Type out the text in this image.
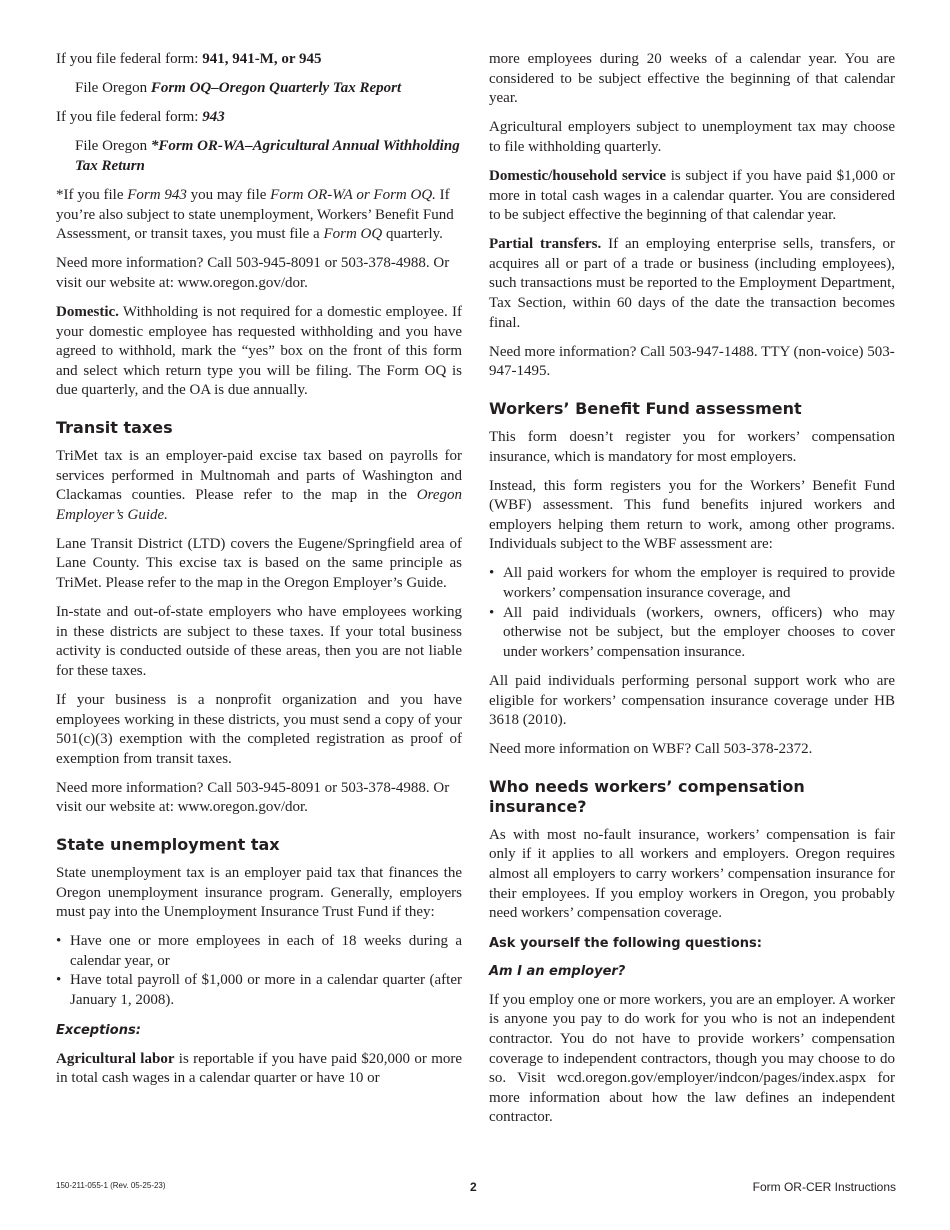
If you file federal form: 941, 941-M, or 945

File Oregon Form OQ–Oregon Quarterly Tax Report

If you file federal form: 943

File Oregon *Form OR-WA–Agricultural Annual Withholding Tax Return

*If you file Form 943 you may file Form OR-WA or Form OQ. If you’re also subject to state unemployment, Workers’ Benefit Fund Assessment, or transit taxes, you must file a Form OQ quarterly.

Need more information? Call 503-945-8091 or 503-378-4988. Or visit our website at: www.oregon.gov/dor.

Domestic. Withholding is not required for a domestic employee. If your domestic employee has requested withholding and you have agreed to withhold, mark the “yes” box on the front of this form and select which return type you will be filing. The Form OQ is due quarterly, and the OA is due annually.

Transit taxes

TriMet tax is an employer-paid excise tax based on payrolls for services performed in Multnomah and parts of Washington and Clackamas counties. Please refer to the map in the Oregon Employer’s Guide.

Lane Transit District (LTD) covers the Eugene/Springfield area of Lane County. This excise tax is based on the same principle as TriMet. Please refer to the map in the Oregon Employer’s Guide.

In-state and out-of-state employers who have employees working in these districts are subject to these taxes. If your total business activity is conducted outside of these areas, then you are not liable for these taxes.

If your business is a nonprofit organization and you have employees working in these districts, you must send a copy of your 501(c)(3) exemption with the completed registration as proof of exemption from transit taxes.

Need more information? Call 503-945-8091 or 503-378-4988. Or visit our website at: www.oregon.gov/dor.

State unemployment tax

State unemployment tax is an employer paid tax that finances the Oregon unemployment insurance program. Generally, employers must pay into the Unemployment Insurance Trust Fund if they:

• Have one or more employees in each of 18 weeks during a calendar year, or
• Have total payroll of $1,000 or more in a calendar quarter (after January 1, 2008).
Exceptions:

Agricultural labor is reportable if you have paid $20,000 or more in total cash wages in a calendar quarter or have 10 or

more employees during 20 weeks of a calendar year. You are considered to be subject effective the beginning of that calendar year.

Agricultural employers subject to unemployment tax may choose to file withholding quarterly.

Domestic/household service is subject if you have paid $1,000 or more in total cash wages in a calendar quarter. You are considered to be subject effective the beginning of that calendar year.

Partial transfers. If an employing enterprise sells, transfers, or acquires all or part of a trade or business (including employees), such transactions must be reported to the Employment Department, Tax Section, within 60 days of the date the transaction becomes final.

Need more information? Call 503-947-1488. TTY (non-voice) 503-947-1495.

Workers’ Benefit Fund assessment

This form doesn’t register you for workers’ compensation insurance, which is mandatory for most employers.

Instead, this form registers you for the Workers’ Benefit Fund (WBF) assessment. This fund benefits injured workers and employers helping them return to work, among other programs. Individuals subject to the WBF assessment are:

• All paid workers for whom the employer is required to provide workers’ compensation insurance coverage, and
• All paid individuals (workers, owners, officers) who may otherwise not be subject, but the employer chooses to cover under workers’ compensation insurance.

All paid individuals performing personal support work who are eligible for workers’ compensation insurance coverage under HB 3618 (2010).

Need more information on WBF? Call 503-378-2372.

Who needs workers’ compensation insurance?

As with most no-fault insurance, workers’ compensation is fair only if it applies to all workers and employers. Oregon requires almost all employers to carry workers’ compensation insurance for their employees. If you employ workers in Oregon, you probably need workers’ compensation coverage.

Ask yourself the following questions:
Am I an employer?

If you employ one or more workers, you are an employer. A worker is anyone you pay to do work for you who is not an independent contractor. You do not have to provide workers’ compensation coverage to independent contractors, though you may choose to do so. Visit wcd.oregon.gov/employer/indcon/pages/index.aspx for more information about how the law defines an independent contractor.

150-211-055-1 (Rev. 05-25-23)	2	Form OR-CER Instructions
